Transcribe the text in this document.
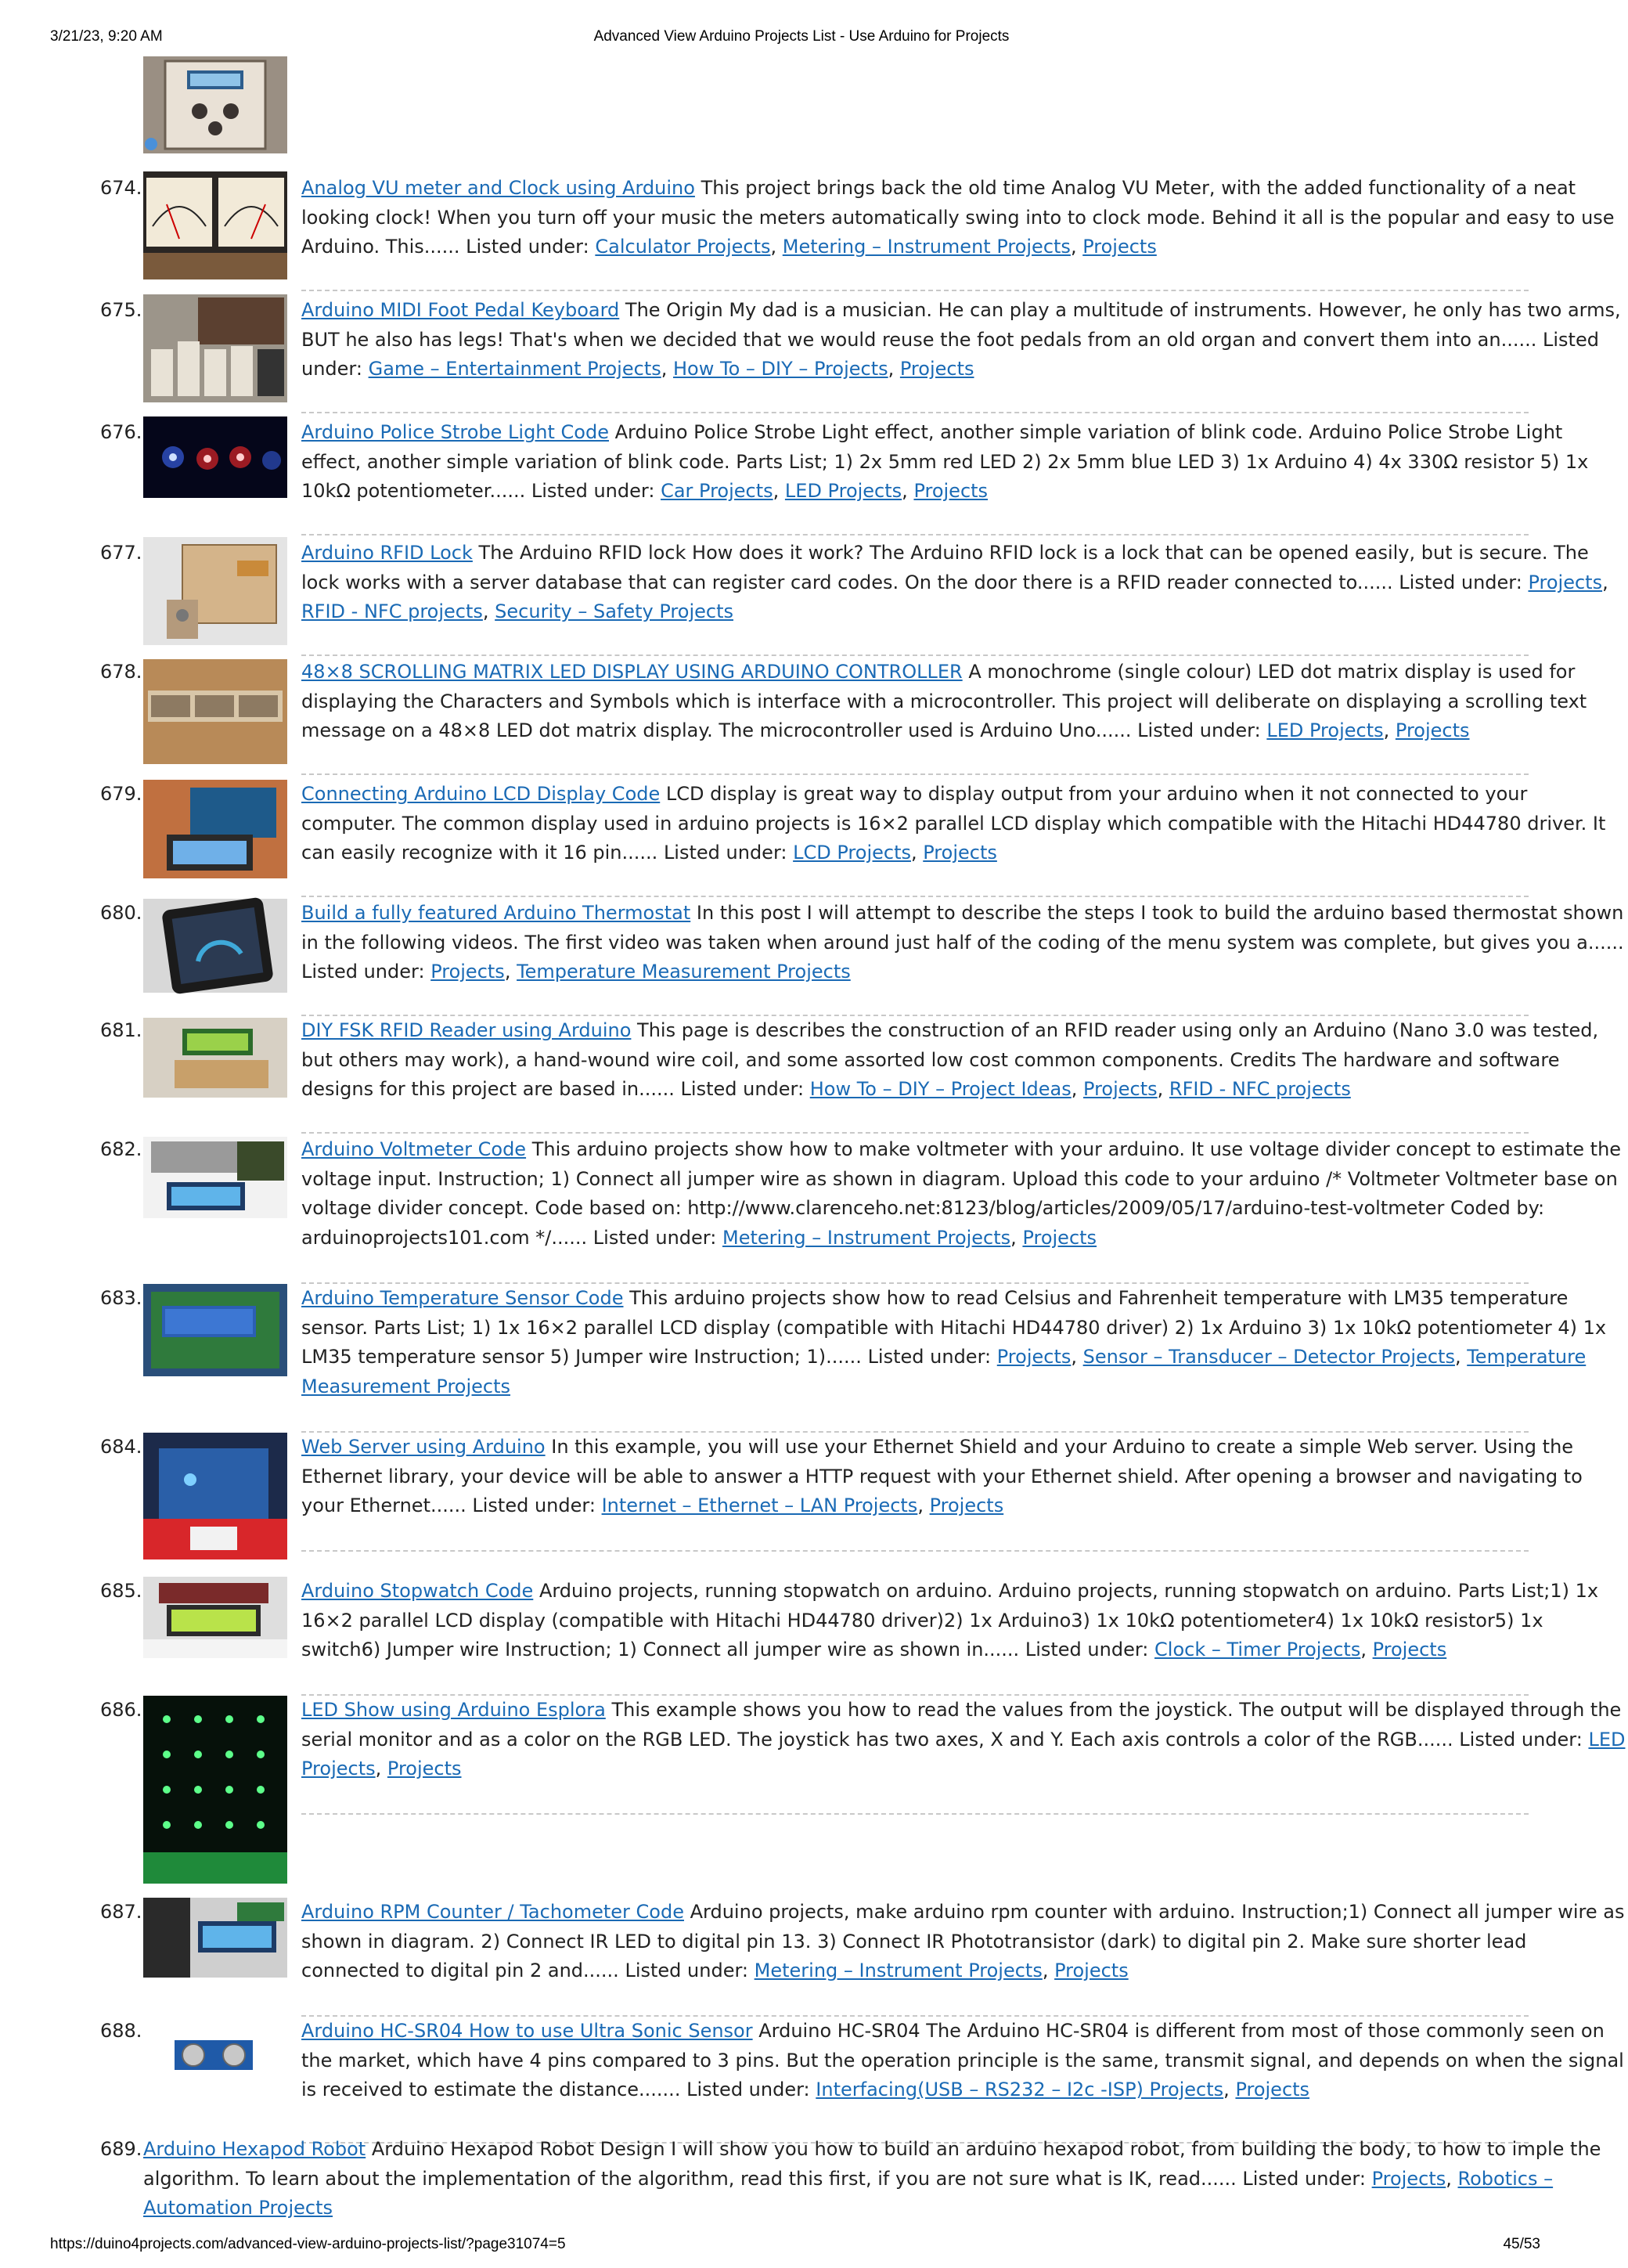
3/21/23, 9:20 AM	Advanced View Arduino Projects List - Use Arduino for Projects
674.	Analog VU meter and Clock using Arduino This project brings back the old time Analog VU Meter, with the added functionality of a neat looking clock! When you turn off your music the meters automatically swing into to clock mode. Behind it all is the popular and easy to use Arduino. This...... Listed under: Calculator Projects, Metering – Instrument Projects, Projects
675.	Arduino MIDI Foot Pedal Keyboard The Origin My dad is a musician. He can play a multitude of instruments. However, he only has two arms, BUT he also has legs! That's when we decided that we would reuse the foot pedals from an old organ and convert them into an...... Listed under: Game – Entertainment Projects, How To – DIY – Projects, Projects
676.	Arduino Police Strobe Light Code Arduino Police Strobe Light effect, another simple variation of blink code. Arduino Police Strobe Light effect, another simple variation of blink code. Parts List; 1) 2x 5mm red LED 2) 2x 5mm blue LED 3) 1x Arduino 4) 4x 330Ω resistor 5) 1x 10kΩ potentiometer...... Listed under: Car Projects, LED Projects, Projects
677.	Arduino RFID Lock The Arduino RFID lock How does it work? The Arduino RFID lock is a lock that can be opened easily, but is secure. The lock works with a server database that can register card codes. On the door there is a RFID reader connected to...... Listed under: Projects, RFID - NFC projects, Security – Safety Projects
678.	48×8 SCROLLING MATRIX LED DISPLAY USING ARDUINO CONTROLLER A monochrome (single colour) LED dot matrix display is used for displaying the Characters and Symbols which is interface with a microcontroller. This project will deliberate on displaying a scrolling text message on a 48×8 LED dot matrix display. The microcontroller used is Arduino Uno...... Listed under: LED Projects, Projects
679.	Connecting Arduino LCD Display Code LCD display is great way to display output from your arduino when it not connected to your computer. The common display used in arduino projects is 16×2 parallel LCD display which compatible with the Hitachi HD44780 driver. It can easily recognize with it 16 pin...... Listed under: LCD Projects, Projects
680.	Build a fully featured Arduino Thermostat In this post I will attempt to describe the steps I took to build the arduino based thermostat shown in the following videos. The first video was taken when around just half of the coding of the menu system was complete, but gives you a...... Listed under: Projects, Temperature Measurement Projects
681.	DIY FSK RFID Reader using Arduino This page is describes the construction of an RFID reader using only an Arduino (Nano 3.0 was tested, but others may work), a hand-wound wire coil, and some assorted low cost common components. Credits The hardware and software designs for this project are based in...... Listed under: How To – DIY – Project Ideas, Projects, RFID - NFC projects
682.	Arduino Voltmeter Code This arduino projects show how to make voltmeter with your arduino. It use voltage divider concept to estimate the voltage input. Instruction; 1) Connect all jumper wire as shown in diagram. Upload this code to your arduino /* Voltmeter Voltmeter base on voltage divider concept. Code based on: http://www.clarenceho.net:8123/blog/articles/2009/05/17/arduino-test-voltmeter Coded by: arduinoprojects101.com */...... Listed under: Metering – Instrument Projects, Projects
683.	Arduino Temperature Sensor Code This arduino projects show how to read Celsius and Fahrenheit temperature with LM35 temperature sensor. Parts List; 1) 1x 16×2 parallel LCD display (compatible with Hitachi HD44780 driver) 2) 1x Arduino 3) 1x 10kΩ potentiometer 4) 1x LM35 temperature sensor 5) Jumper wire Instruction; 1)...... Listed under: Projects, Sensor – Transducer – Detector Projects, Temperature Measurement Projects
684.	Web Server using Arduino In this example, you will use your Ethernet Shield and your Arduino to create a simple Web server. Using the Ethernet library, your device will be able to answer a HTTP request with your Ethernet shield. After opening a browser and navigating to your Ethernet...... Listed under: Internet – Ethernet – LAN Projects, Projects
685.	Arduino Stopwatch Code Arduino projects, running stopwatch on arduino. Arduino projects, running stopwatch on arduino. Parts List;1) 1x 16×2 parallel LCD display (compatible with Hitachi HD44780 driver)2) 1x Arduino3) 1x 10kΩ potentiometer4) 1x 10kΩ resistor5) 1x switch6) Jumper wire Instruction; 1) Connect all jumper wire as shown in...... Listed under: Clock – Timer Projects, Projects
686.	LED Show using Arduino Esplora This example shows you how to read the values from the joystick. The output will be displayed through the serial monitor and as a color on the RGB LED. The joystick has two axes, X and Y. Each axis controls a color of the RGB...... Listed under: LED Projects, Projects
687.	Arduino RPM Counter / Tachometer Code Arduino projects, make arduino rpm counter with arduino. Instruction;1) Connect all jumper wire as shown in diagram. 2) Connect IR LED to digital pin 13. 3) Connect IR Phototransistor (dark) to digital pin 2. Make sure shorter lead connected to digital pin 2 and...... Listed under: Metering – Instrument Projects, Projects
688.	Arduino HC-SR04 How to use Ultra Sonic Sensor Arduino HC-SR04 The Arduino HC-SR04 is different from most of those commonly seen on the market, which have 4 pins compared to 3 pins. But the operation principle is the same, transmit signal, and depends on when the signal is received to estimate the distance....... Listed under: Interfacing(USB – RS232 – I2c -ISP) Projects, Projects
689. Arduino Hexapod Robot Arduino Hexapod Robot Design I will show you how to build an arduino hexapod robot, from building the body, to how to imple the algorithm. To learn about the implementation of the algorithm, read this first, if you are not sure what is IK, read...... Listed under: Projects, Robotics – Automation Projects
https://duino4projects.com/advanced-view-arduino-projects-list/?page31074=5	45/53
